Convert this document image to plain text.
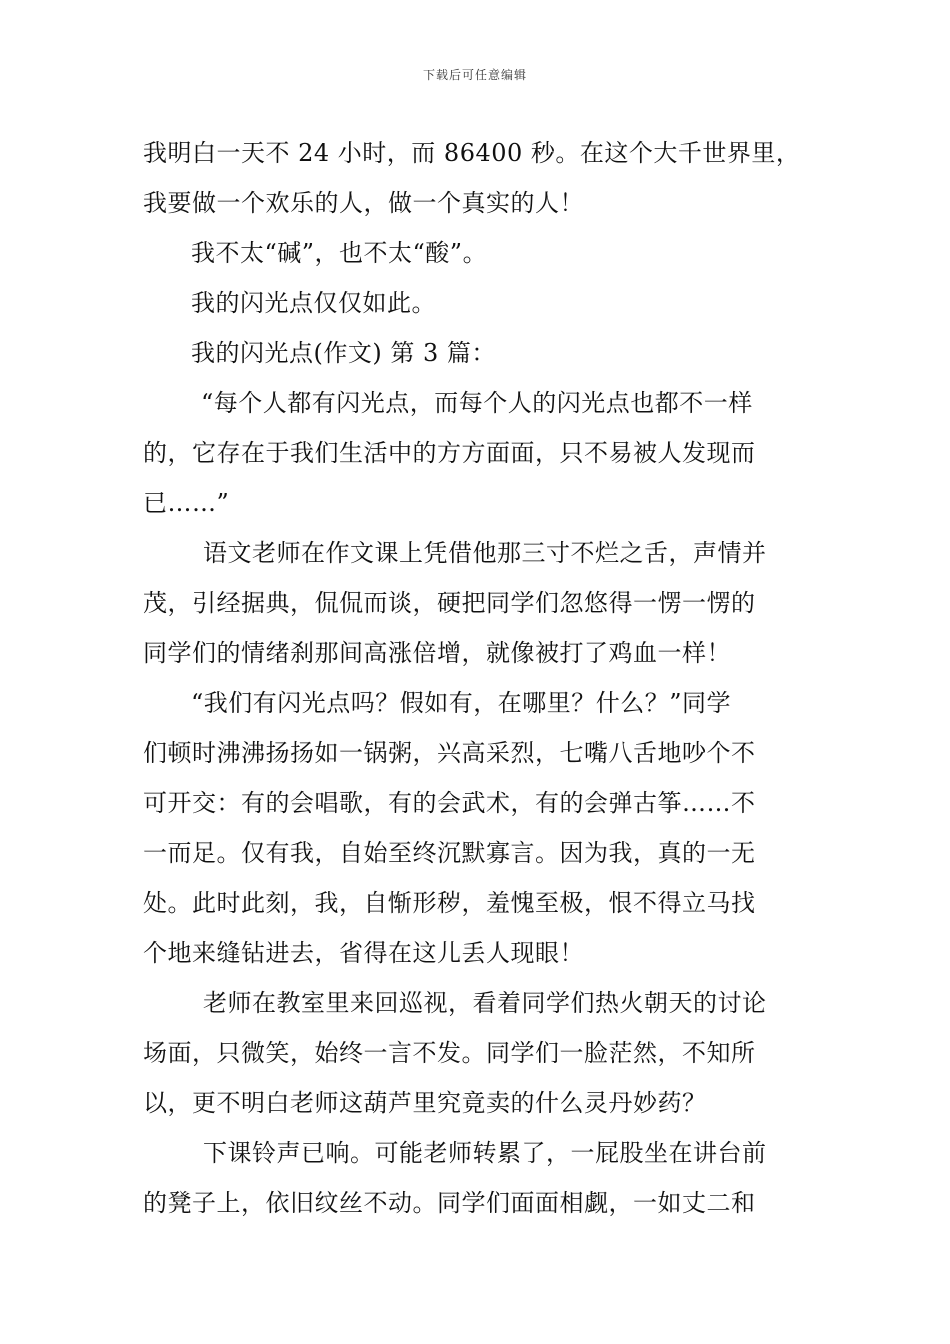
下载后可任意编辑
我明白一天不 24 小时，而 86400 秒。在这个大千世界里，
我要做一个欢乐的人，做一个真实的人！
我不太“碱”，也不太“酸”。
我的闪光点仅仅如此。
我的闪光点(作文) 第 3 篇：
“每个人都有闪光点，而每个人的闪光点也都不一样
的，它存在于我们生活中的方方面面，只不易被人发现而
已……”
语文老师在作文课上凭借他那三寸不烂之舌，声情并
茂，引经据典，侃侃而谈，硬把同学们忽悠得一愣一愣的
同学们的情绪刹那间高涨倍增，就像被打了鸡血一样！
“我们有闪光点吗？假如有，在哪里？什么？”同学
们顿时沸沸扬扬如一锅粥，兴高采烈，七嘴八舌地吵个不
可开交：有的会唱歌，有的会武术，有的会弹古筝……不
一而足。仅有我，自始至终沉默寡言。因为我，真的一无
处。此时此刻，我，自惭形秽，羞愧至极，恨不得立马找
个地来缝钻进去，省得在这儿丢人现眼！
老师在教室里来回巡视，看着同学们热火朝天的讨论
场面，只微笑，始终一言不发。同学们一脸茫然，不知所
以，更不明白老师这葫芦里究竟卖的什么灵丹妙药？
下课铃声已响。可能老师转累了，一屁股坐在讲台前
的凳子上，依旧纹丝不动。同学们面面相觑，一如丈二和
